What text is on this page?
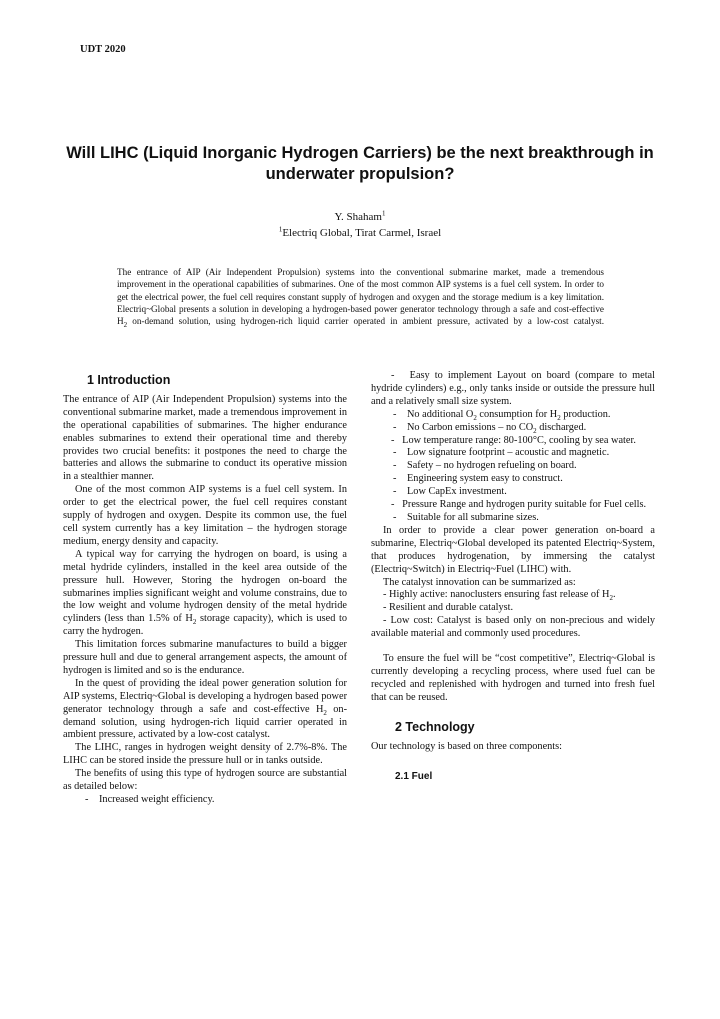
UDT 2020
Will LIHC (Liquid Inorganic Hydrogen Carriers) be the next breakthrough in underwater propulsion?
Y. Shaham$^1$
$^1$Electriq Global, Tirat Carmel, Israel
The entrance of AIP (Air Independent Propulsion) systems into the conventional submarine market, made a tremendous improvement in the operational capabilities of submarines. One of the most common AIP systems is a fuel cell system. In order to get the electrical power, the fuel cell requires constant supply of hydrogen and oxygen and the storage medium is a key limitation. Electriq~Global presents a solution in developing a hydrogen-based power generator technology through a safe and cost-effective $H_2$ on-demand solution, using hydrogen-rich liquid carrier operated in ambient pressure, activated by a low-cost catalyst.
1 Introduction

The entrance of AIP (Air Independent Propulsion) systems into the conventional submarine market, made a tremendous improvement in the operational capabilities of submarines. The higher endurance enables submarines to extend their operational time and thereby provides two crucial benefits: it postpones the need to charge the batteries and allows the submarine to conduct its operative mission in a stealthier manner.

One of the most common AIP systems is a fuel cell system. In order to get the electrical power, the fuel cell requires constant supply of hydrogen and oxygen. Despite its common use, the fuel cell system currently has a key limitation – the hydrogen storage medium, energy density and capacity.

A typical way for carrying the hydrogen on board, is using a metal hydride cylinders, installed in the keel area outside of the pressure hull. However, Storing the hydrogen on-board the submarines implies significant weight and volume constrains, due to the low weight and volume hydrogen density of the metal hydride cylinders (less than 1.5% of $H_2$ storage capacity), which is used to carry the hydrogen.

This limitation forces submarine manufactures to build a bigger pressure hull and due to general arrangement aspects, the amount of hydrogen is limited and so is the endurance.

In the quest of providing the ideal power generation solution for AIP systems, Electriq~Global is developing a hydrogen based power generator technology through a safe and cost-effective $H_2$ on-demand solution, using hydrogen-rich liquid carrier operated in ambient pressure, activated by a low-cost catalyst.

The LIHC, ranges in hydrogen weight density of 2.7%-8%. The LIHC can be stored inside the pressure hull or in tanks outside.

The benefits of using this type of hydrogen source are substantial as detailed below:

-	Increased weight efficiency.

- Easy to implement Layout on board (compare to metal hydride cylinders) e.g., only tanks inside or outside the pressure hull and a relatively small size system.

-	No additional $O_2$ consumption for $H_2$ production.
-	No Carbon emissions – no $CO_2$ discharged.

- Low temperature range: 80-100°C, cooling by sea water.

-	Low signature footprint – acoustic and magnetic.
-	Safety – no hydrogen refueling on board.
-	Engineering system easy to construct.
-	Low CapEx investment.

- Pressure Range and hydrogen purity suitable for Fuel cells.

-	Suitable for all submarine sizes.

In order to provide a clear power generation on-board a submarine, Electriq~Global developed its patented Electriq~System, that produces hydrogenation, by immersing the catalyst (Electriq~Switch) in Electriq~Fuel (LIHC) with.

The catalyst innovation can be summarized as:

- Highly active: nanoclusters ensuring fast release of $H_2$.

- Resilient and durable catalyst.

- Low cost: Catalyst is based only on non-precious and widely available material and commonly used procedures.

To ensure the fuel will be “cost competitive”, Electriq~Global is currently developing a recycling process, where used fuel can be recycled and replenished with hydrogen and turned into fresh fuel that can be reused.

2 Technology

Our technology is based on three components:

2.1 Fuel
